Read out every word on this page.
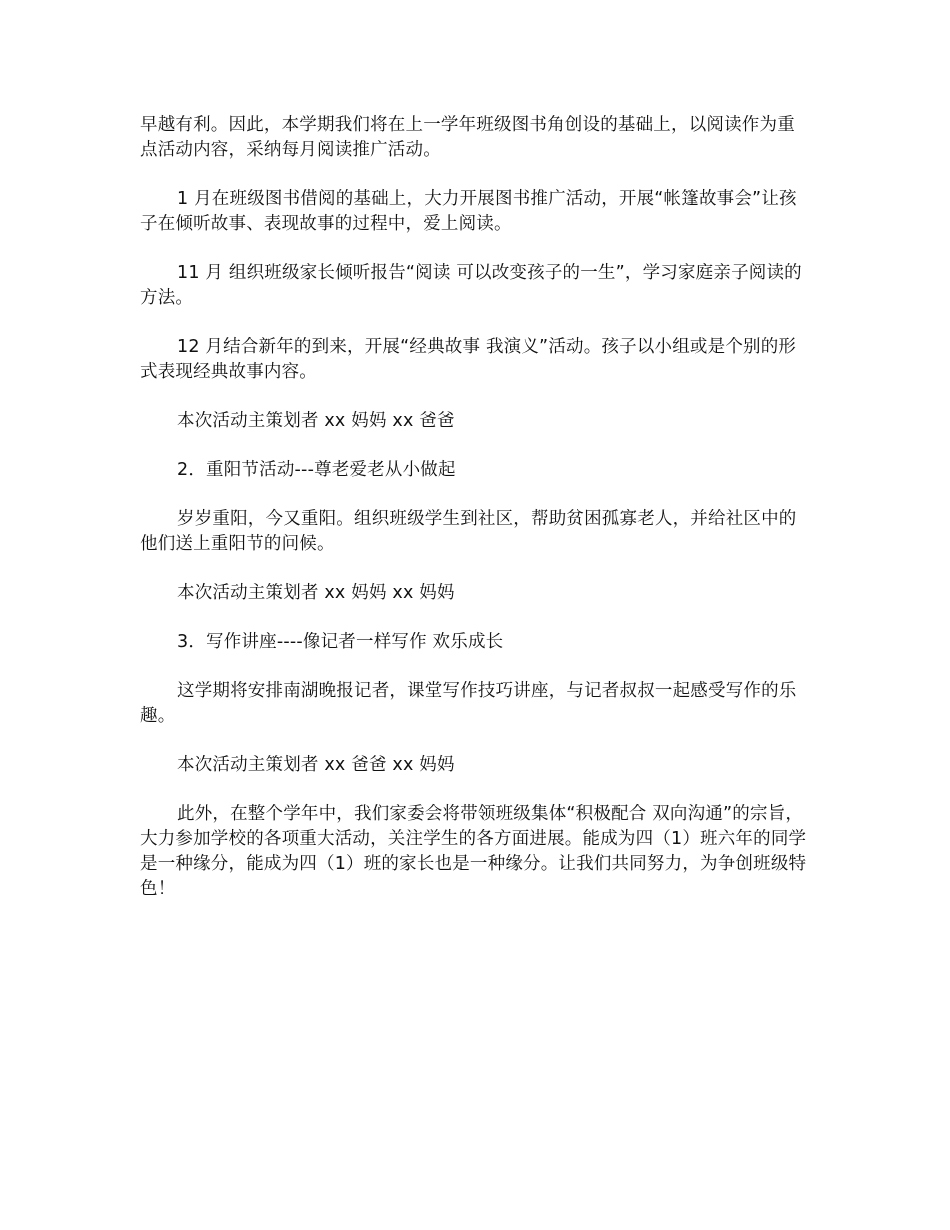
早越有利。因此，本学期我们将在上一学年班级图书角创设的基础上，以阅读作为重点活动内容，采纳每月阅读推广活动。

1 月在班级图书借阅的基础上，大力开展图书推广活动，开展“帐篷故事会”让孩子在倾听故事、表现故事的过程中，爱上阅读。

11 月 组织班级家长倾听报告“阅读 可以改变孩子的一生”，学习家庭亲子阅读的方法。

12 月结合新年的到来，开展“经典故事 我演义”活动。孩子以小组或是个别的形式表现经典故事内容。

本次活动主策划者 xx 妈妈 xx 爸爸

2．重阳节活动---尊老爱老从小做起

岁岁重阳，今又重阳。组织班级学生到社区，帮助贫困孤寡老人，并给社区中的他们送上重阳节的问候。

本次活动主策划者 xx 妈妈 xx 妈妈

3．写作讲座----像记者一样写作 欢乐成长

这学期将安排南湖晚报记者，课堂写作技巧讲座，与记者叔叔一起感受写作的乐趣。

本次活动主策划者 xx 爸爸 xx 妈妈

此外，在整个学年中，我们家委会将带领班级集体“积极配合 双向沟通”的宗旨，大力参加学校的各项重大活动，关注学生的各方面进展。能成为四（1）班六年的同学是一种缘分，能成为四（1）班的家长也是一种缘分。让我们共同努力，为争创班级特色！
